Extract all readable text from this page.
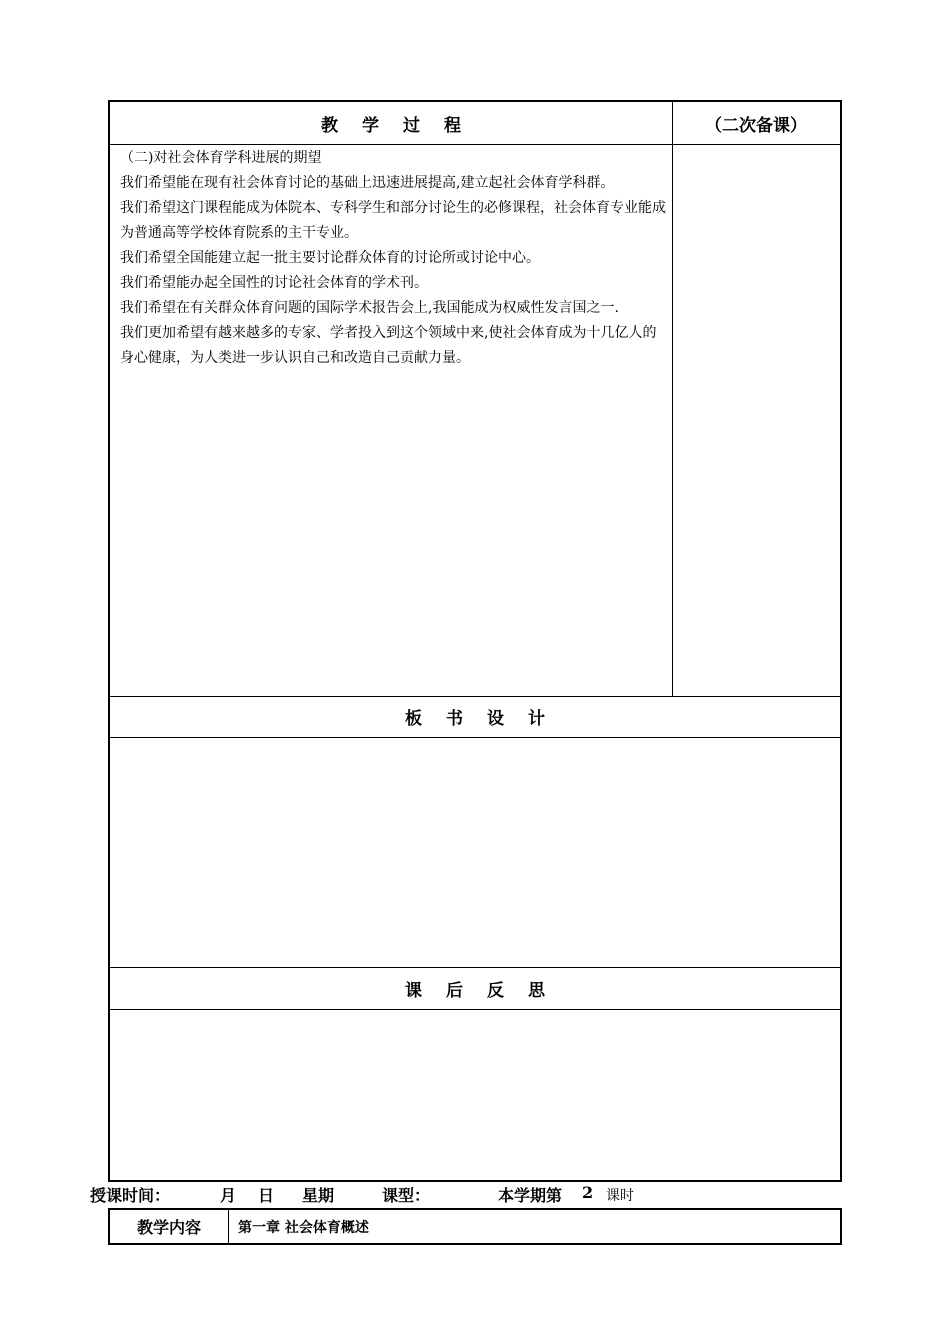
教 学 过 程	（二次备课）

（二)对社会体育学科进展的期望

我们希望能在现有社会体育讨论的基础上迅速进展提高,建立起社会体育学科群。

我们希望这门课程能成为体院本、专科学生和部分讨论生的必修课程，社会体育专业能成为普通高等学校体育院系的主干专业。

我们希望全国能建立起一批主要讨论群众体育的讨论所或讨论中心。

我们希望能办起全国性的讨论社会体育的学术刊。

我们希望在有关群众体育问题的国际学术报告会上,我国能成为权威性发言国之一.

我们更加希望有越来越多的专家、学者投入到这个领域中来,使社会体育成为十几亿人的身心健康，为人类进一步认识自己和改造自己贡献力量。

板 书 设 计
课 后 反 思
授课时间：	月 日 星期	课型：	本学期第 2 课时
教学内容	第一章 社会体育概述
